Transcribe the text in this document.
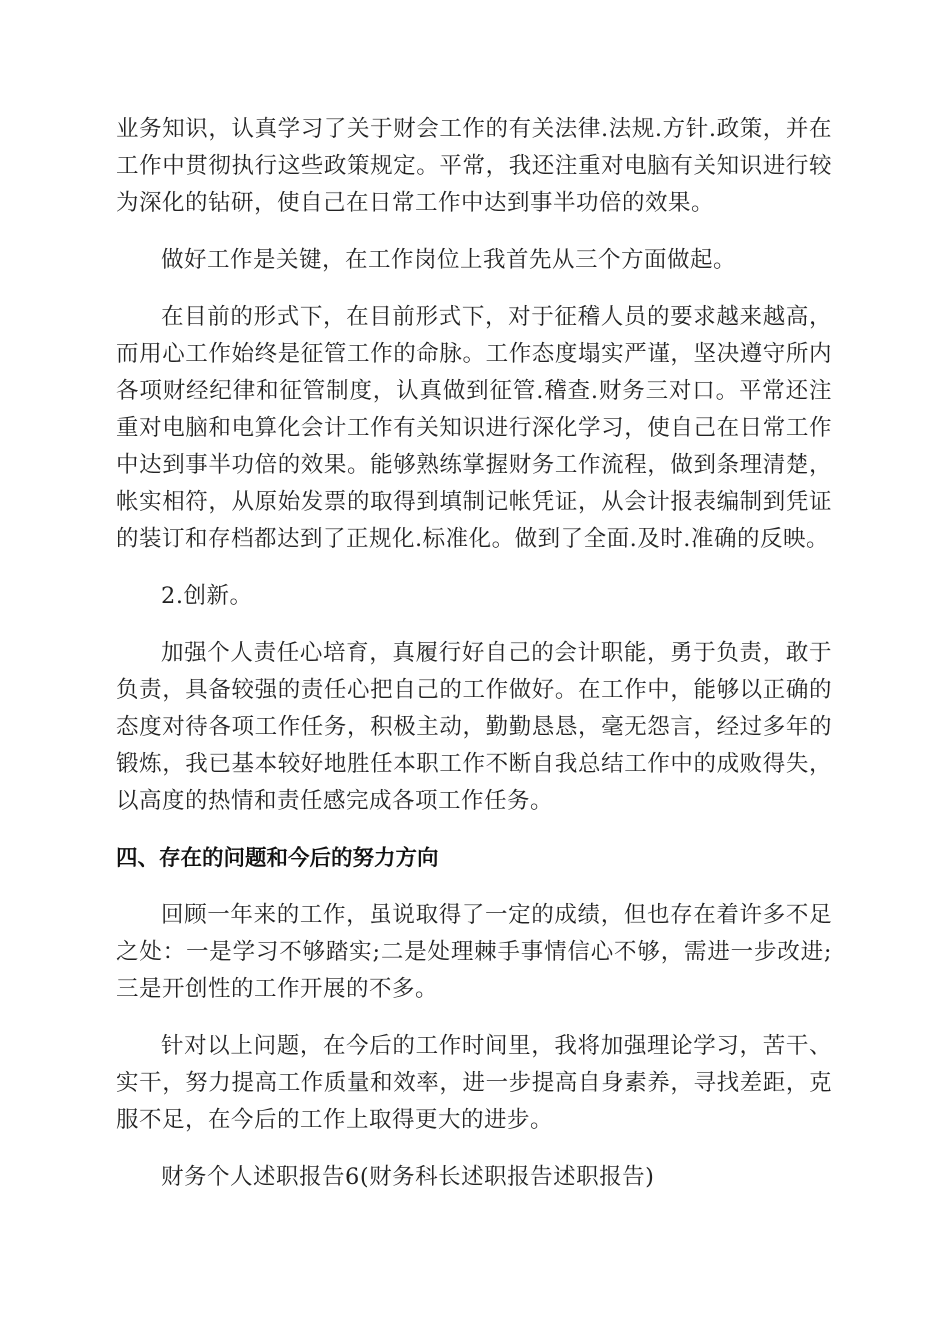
业务知识，认真学习了关于财会工作的有关法律.法规.方针.政策，并在工作中贯彻执行这些政策规定。平常，我还注重对电脑有关知识进行较为深化的钻研，使自己在日常工作中达到事半功倍的效果。

做好工作是关键，在工作岗位上我首先从三个方面做起。

在目前的形式下，在目前形式下，对于征稽人员的要求越来越高，而用心工作始终是征管工作的命脉。工作态度塌实严谨，坚决遵守所内各项财经纪律和征管制度，认真做到征管.稽查.财务三对口。平常还注重对电脑和电算化会计工作有关知识进行深化学习，使自己在日常工作中达到事半功倍的效果。能够熟练掌握财务工作流程，做到条理清楚，帐实相符，从原始发票的取得到填制记帐凭证，从会计报表编制到凭证的装订和存档都达到了正规化.标准化。做到了全面.及时.准确的反映。

2.创新。

加强个人责任心培育，真履行好自己的会计职能，勇于负责，敢于负责，具备较强的责任心把自己的工作做好。在工作中，能够以正确的态度对待各项工作任务，积极主动，勤勤恳恳，毫无怨言，经过多年的锻炼，我已基本较好地胜任本职工作不断自我总结工作中的成败得失，以高度的热情和责任感完成各项工作任务。

四、存在的问题和今后的努力方向

回顾一年来的工作，虽说取得了一定的成绩，但也存在着许多不足之处：一是学习不够踏实;二是处理棘手事情信心不够，需进一步改进;三是开创性的工作开展的不多。

针对以上问题，在今后的工作时间里，我将加强理论学习，苦干、实干，努力提高工作质量和效率，进一步提高自身素养，寻找差距，克服不足，在今后的工作上取得更大的进步。

财务个人述职报告6(财务科长述职报告述职报告)
